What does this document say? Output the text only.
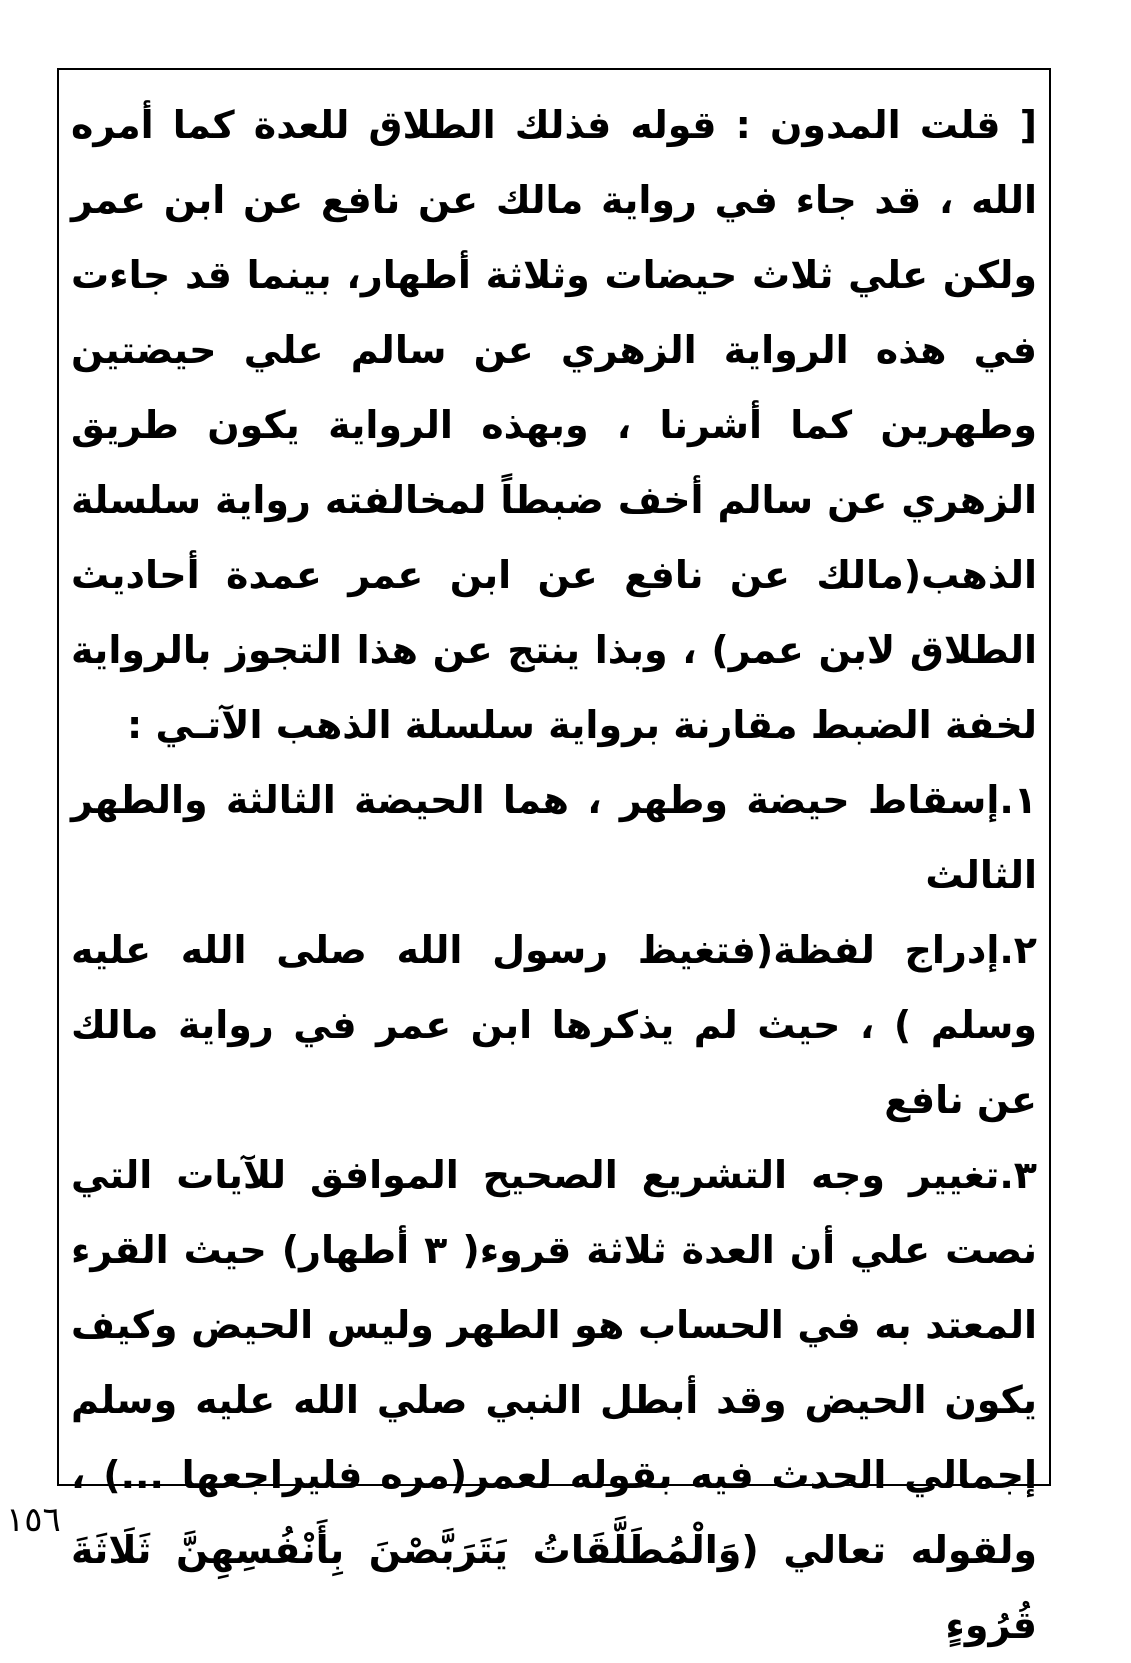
[ قلت المدون : قوله فذلك الطلاق للعدة كما أمره الله ، قد جاء في رواية مالك عن نافع عن ابن عمر ولكن علي ثلاث حيضات وثلاثة أطهار، بينما قد جاءت في هذه الرواية الزهري عن سالم علي حيضتين وطهرين كما أشرنا ، وبهذه الرواية يكون طريق الزهري عن سالم أخف ضبطاً لمخالفته رواية سلسلة الذهب(مالك عن نافع عن ابن عمر عمدة أحاديث الطلاق لابن عمر) ، وبذا ينتج عن هذا التجوز بالرواية لخفة الضبط مقارنة برواية سلسلة الذهب الآتـي :

١.إسقاط حيضة وطهر ، هما الحيضة الثالثة والطهر الثالث

٢.إدراج لفظة(فتغيظ رسول الله صلى الله عليه وسلم ) ، حيث لم يذكرها ابن عمر في رواية مالك عن نافع

٣.تغيير وجه التشريع الصحيح الموافق للآيات التي نصت علي أن العدة ثلاثة قروء( ٣ أطهار) حيث القرء المعتد به في الحساب هو الطهر وليس الحيض وكيف يكون الحيض وقد أبطل النبي صلي الله عليه وسلم إجمالي الحدث فيه بقوله لعمر(مره فليراجعها ...) ، ولقوله تعالي (وَالْمُطَلَّقَاتُ يَتَرَبَّصْنَ بِأَنْفُسِهِنَّ ثَلَاثَةَ قُرُوءٍ

١٥٦
